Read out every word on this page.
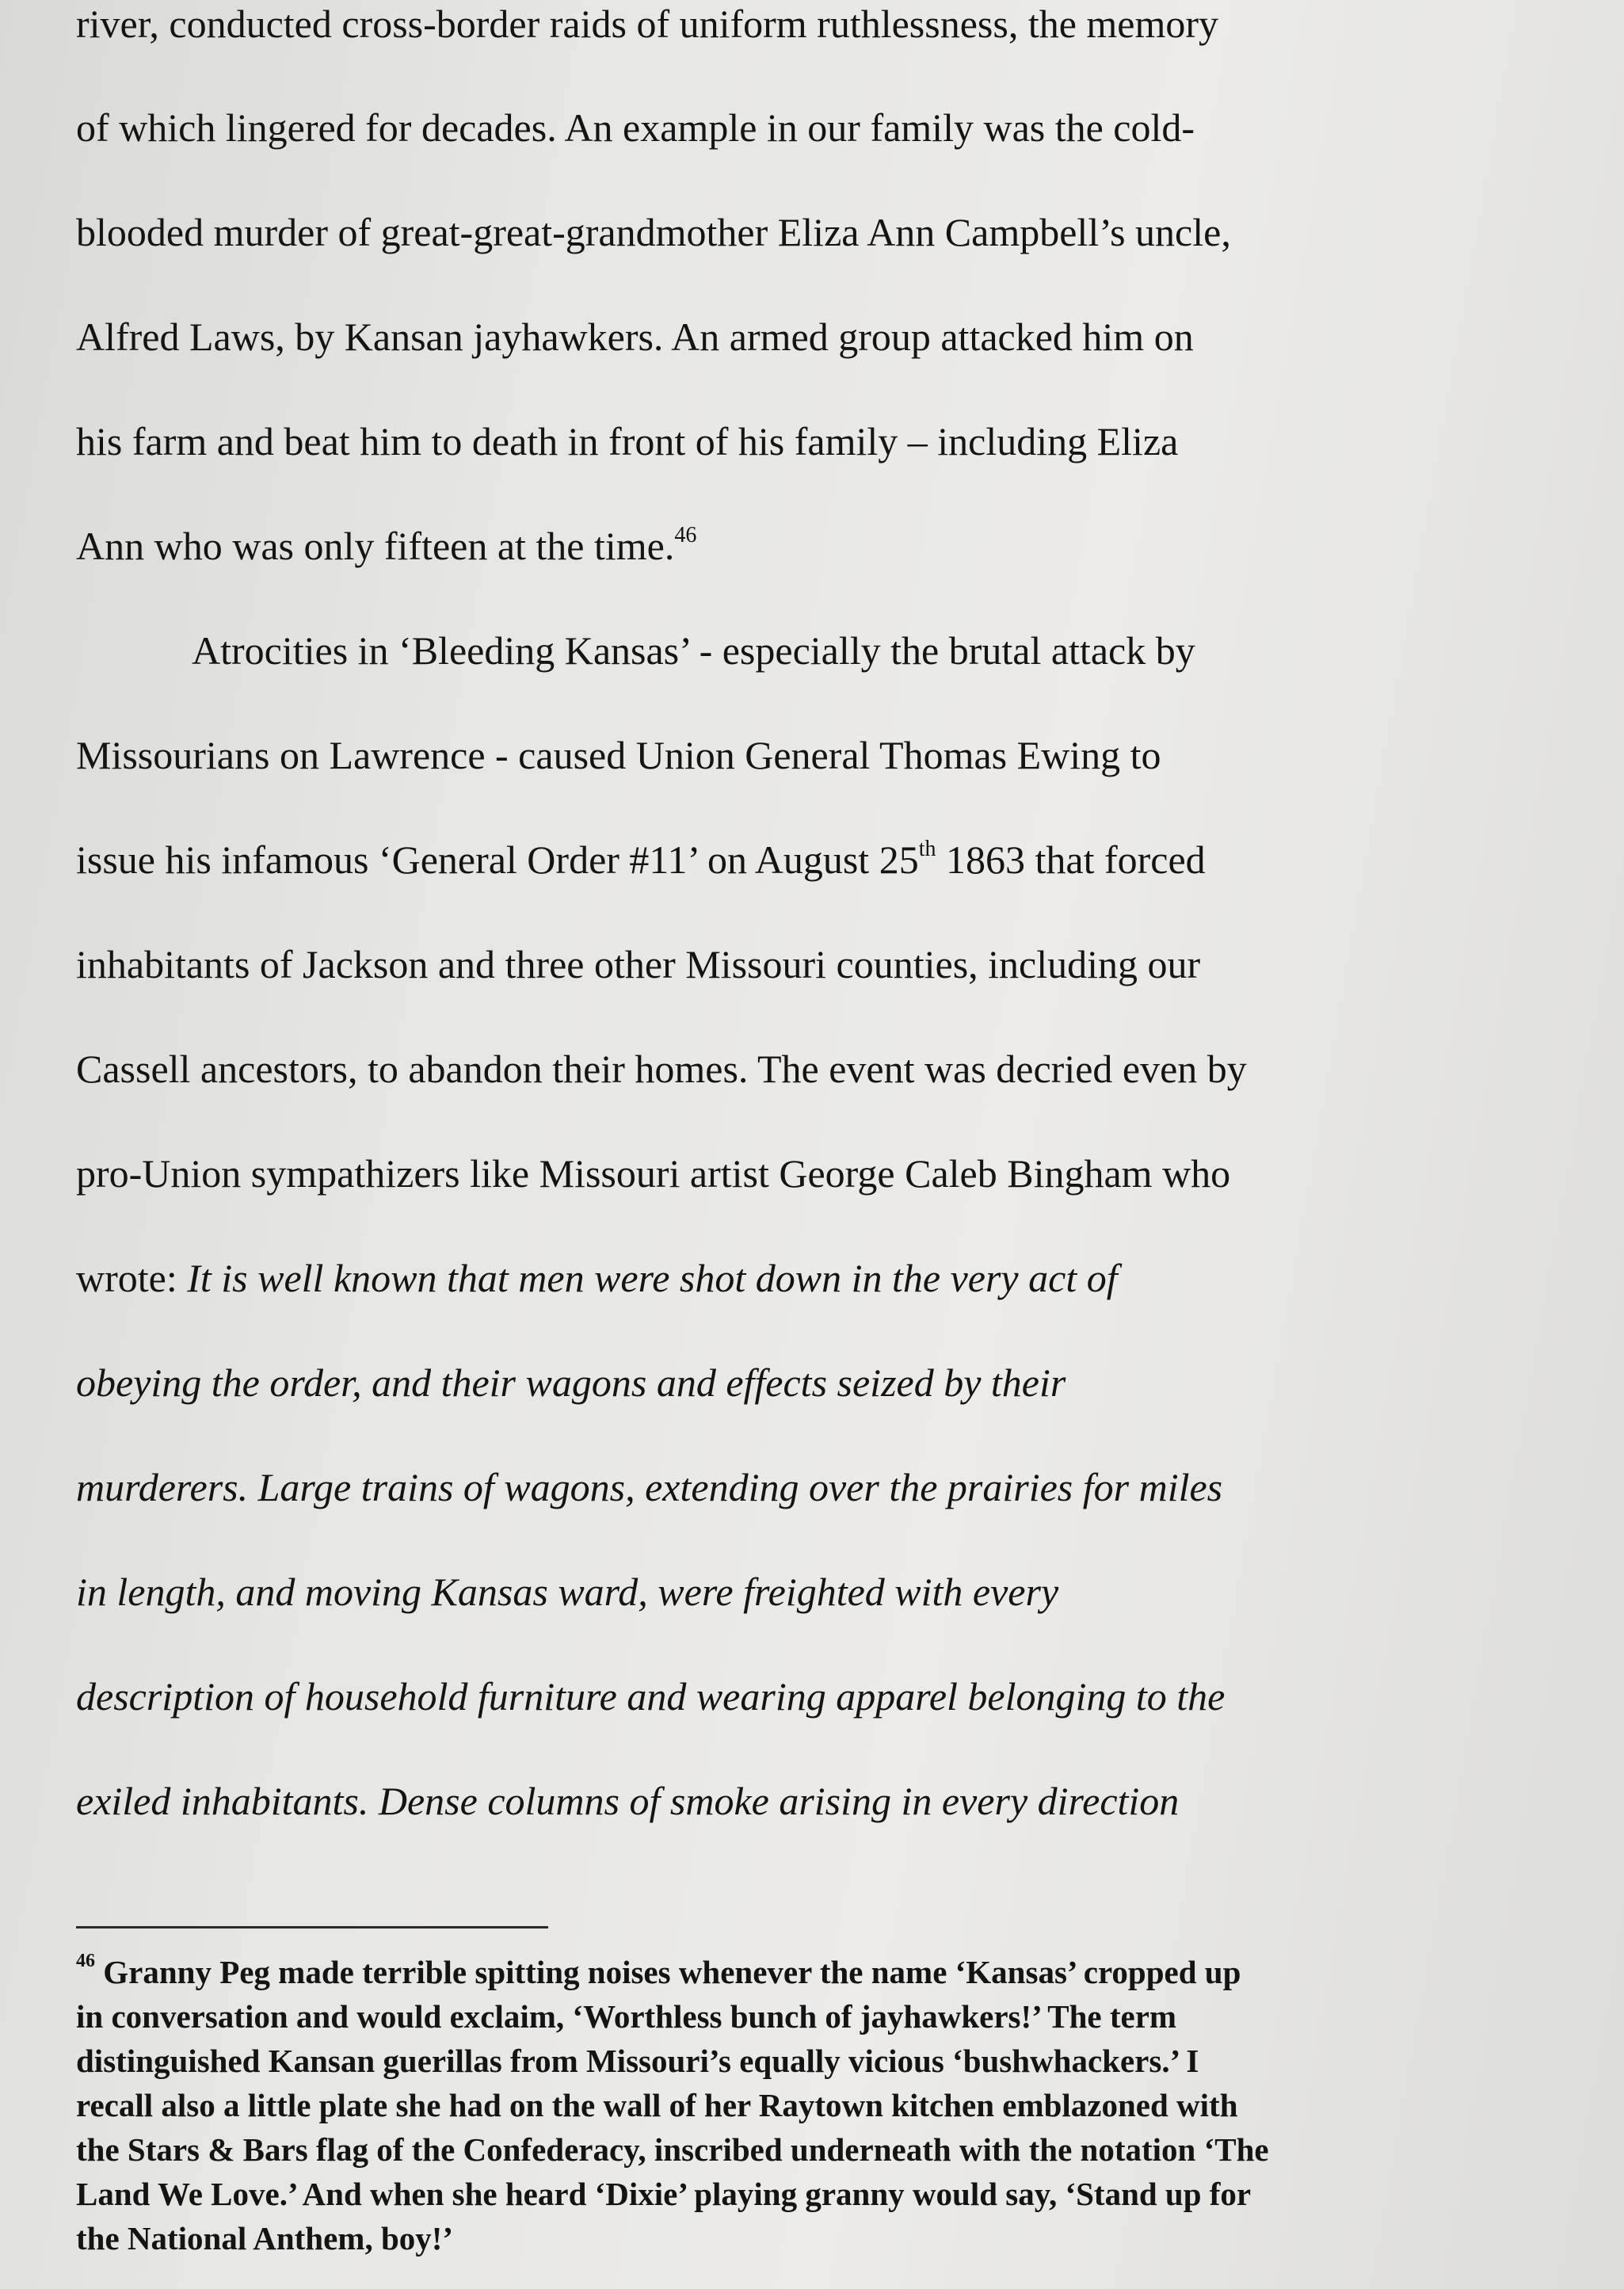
river, conducted cross-border raids of uniform ruthlessness, the memory
of which lingered for decades. An example in our family was the cold-
blooded murder of great-great-grandmother Eliza Ann Campbell’s uncle,
Alfred Laws, by Kansan jayhawkers. An armed group attacked him on
his farm and beat him to death in front of his family – including Eliza
Ann who was only fifteen at the time.$^{46}$
Atrocities in ‘Bleeding Kansas’ - especially the brutal attack by
Missourians on Lawrence - caused Union General Thomas Ewing to
issue his infamous ‘General Order #11’ on August 25th 1863 that forced
inhabitants of Jackson and three other Missouri counties, including our
Cassell ancestors, to abandon their homes. The event was decried even by
pro-Union sympathizers like Missouri artist George Caleb Bingham who
wrote: It is well known that men were shot down in the very act of
obeying the order, and their wagons and effects seized by their
murderers. Large trains of wagons, extending over the prairies for miles
in length, and moving Kansas ward, were freighted with every
description of household furniture and wearing apparel belonging to the
exiled inhabitants. Dense columns of smoke arising in every direction
$^{46}$ Granny Peg made terrible spitting noises whenever the name ‘Kansas’ cropped up
in conversation and would exclaim, ‘Worthless bunch of jayhawkers!’ The term
distinguished Kansan guerillas from Missouri’s equally vicious ‘bushwhackers.’ I
recall also a little plate she had on the wall of her Raytown kitchen emblazoned with
the Stars & Bars flag of the Confederacy, inscribed underneath with the notation ‘The
Land We Love.’ And when she heard ‘Dixie’ playing granny would say, ‘Stand up for
the National Anthem, boy!’
